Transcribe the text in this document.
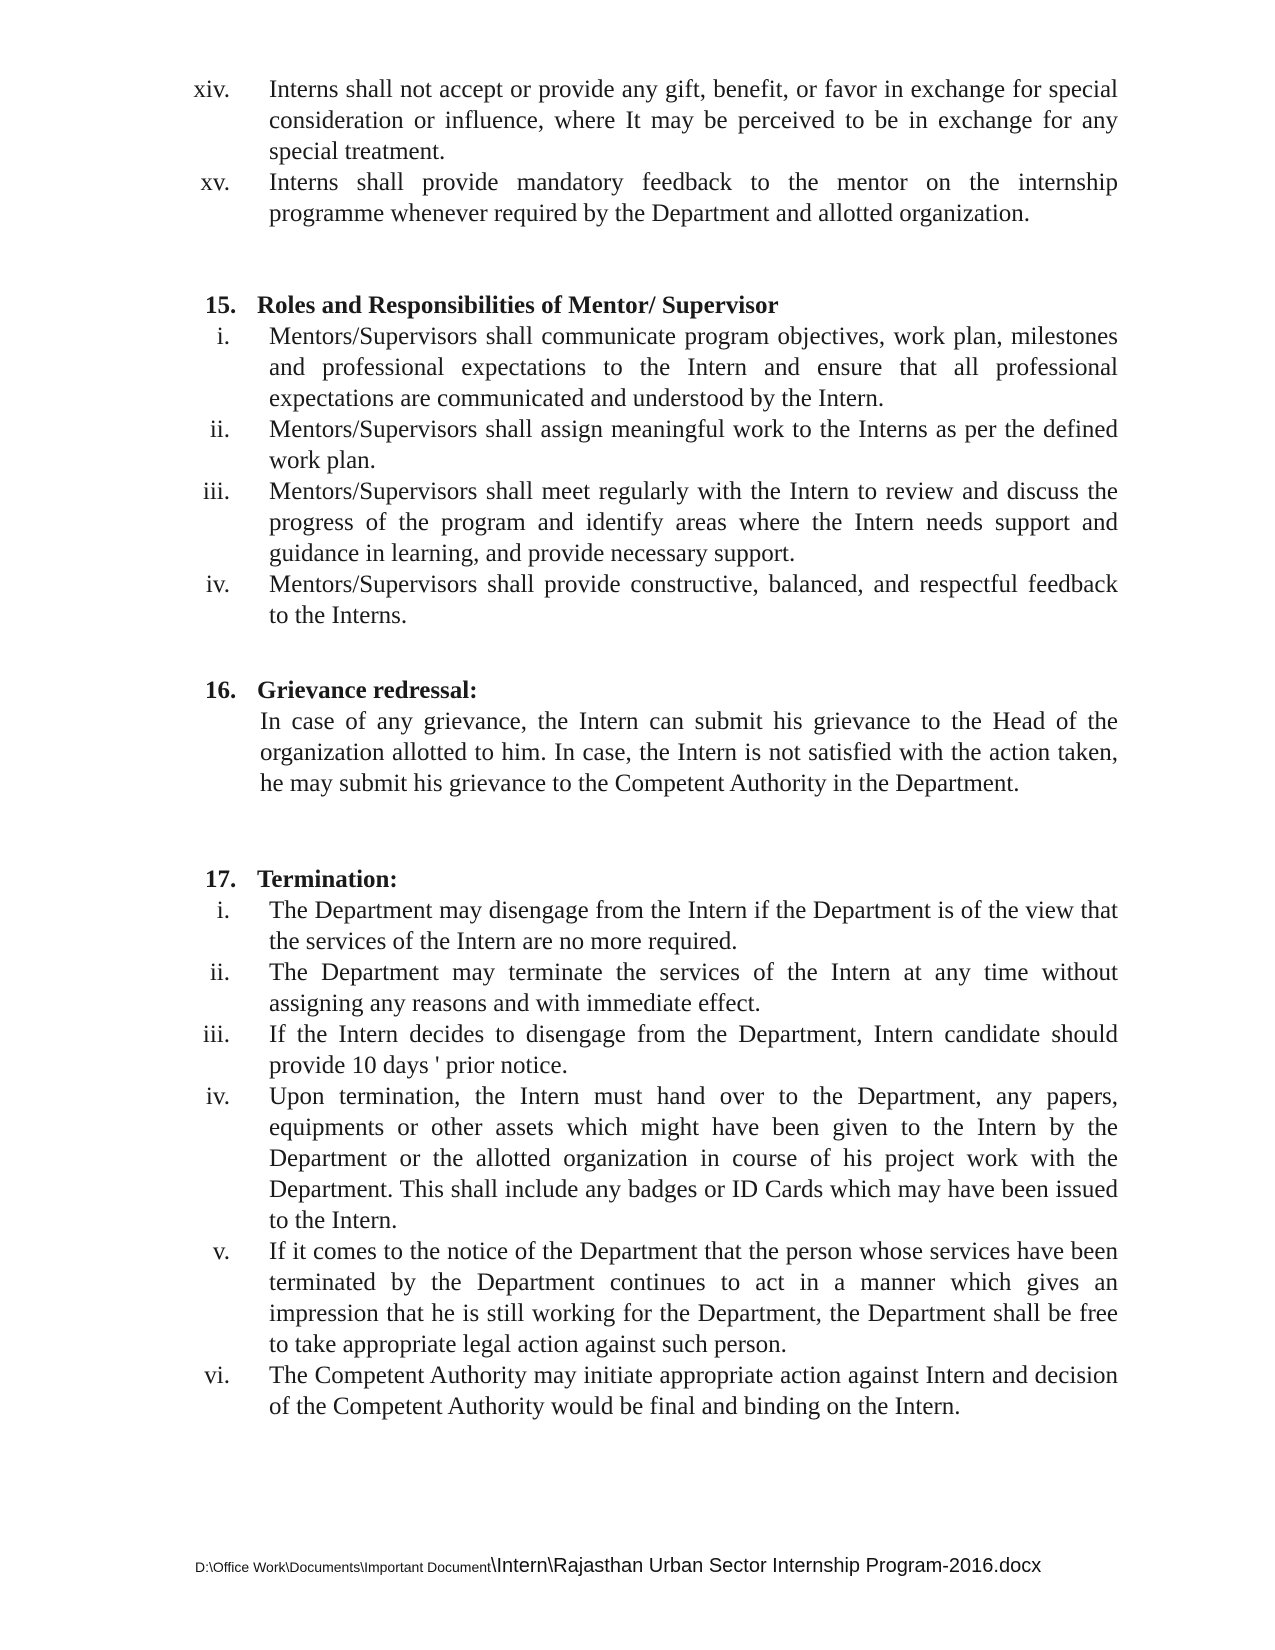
xiv. Interns shall not accept or provide any gift, benefit, or favor in exchange for special consideration or influence, where It may be perceived to be in exchange for any special treatment.
xv. Interns shall provide mandatory feedback to the mentor on the internship programme whenever required by the Department and allotted organization.
15. Roles and Responsibilities of Mentor/ Supervisor
i. Mentors/Supervisors shall communicate program objectives, work plan, milestones and professional expectations to the Intern and ensure that all professional expectations are communicated and understood by the Intern.
ii. Mentors/Supervisors shall assign meaningful work to the Interns as per the defined work plan.
iii. Mentors/Supervisors shall meet regularly with the Intern to review and discuss the progress of the program and identify areas where the Intern needs support and guidance in learning, and provide necessary support.
iv. Mentors/Supervisors shall provide constructive, balanced, and respectful feedback to the Interns.
16. Grievance redressal:
In case of any grievance, the Intern can submit his grievance to the Head of the organization allotted to him. In case, the Intern is not satisfied with the action taken, he may submit his grievance to the Competent Authority in the Department.
17. Termination:
i. The Department may disengage from the Intern if the Department is of the view that the services of the Intern are no more required.
ii. The Department may terminate the services of the Intern at any time without assigning any reasons and with immediate effect.
iii. If the Intern decides to disengage from the Department, Intern candidate should provide 10 days ' prior notice.
iv. Upon termination, the Intern must hand over to the Department, any papers, equipments or other assets which might have been given to the Intern by the Department or the allotted organization in course of his project work with the Department. This shall include any badges or ID Cards which may have been issued to the Intern.
v. If it comes to the notice of the Department that the person whose services have been terminated by the Department continues to act in a manner which gives an impression that he is still working for the Department, the Department shall be free to take appropriate legal action against such person.
vi. The Competent Authority may initiate appropriate action against Intern and decision of the Competent Authority would be final and binding on the Intern.
D:\Office Work\Documents\Important Document\Intern\Rajasthan Urban Sector Internship Program-2016.docx
